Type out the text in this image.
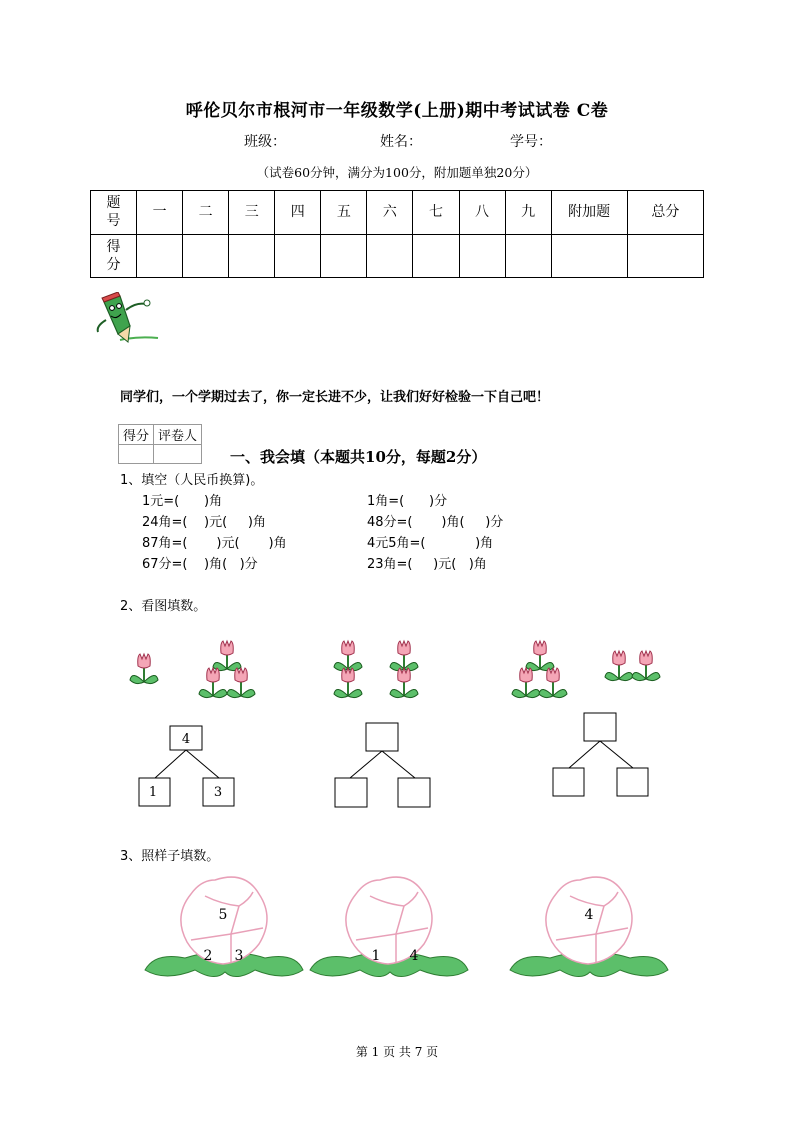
呼伦贝尔市根河市一年级数学(上册)期中考试试卷 C卷
班级：	姓名：	学号：
（试卷60分钟，满分为100分，附加题单独20分）
题号	一	二	三	四	五	六	七	八	九	附加题	总分
得分											
同学们，一个学期过去了，你一定长进不少，让我们好好检验一下自己吧！
得分	评卷人

一、我会填（本题共10分，每题2分）
1、填空（人民币换算)。
1元=(      )角
24角=(    )元(     )角
87角=(       )元(       )角
67分=(    )角(   )分
1角=(      )分
48分=(       )角(     )分
4元5角=(            )角
23角=(     )元(   )角
2、看图填数。
4
1	3
3、照样子填数。
5
2 3	1 4
4
第 1 页 共 7 页
